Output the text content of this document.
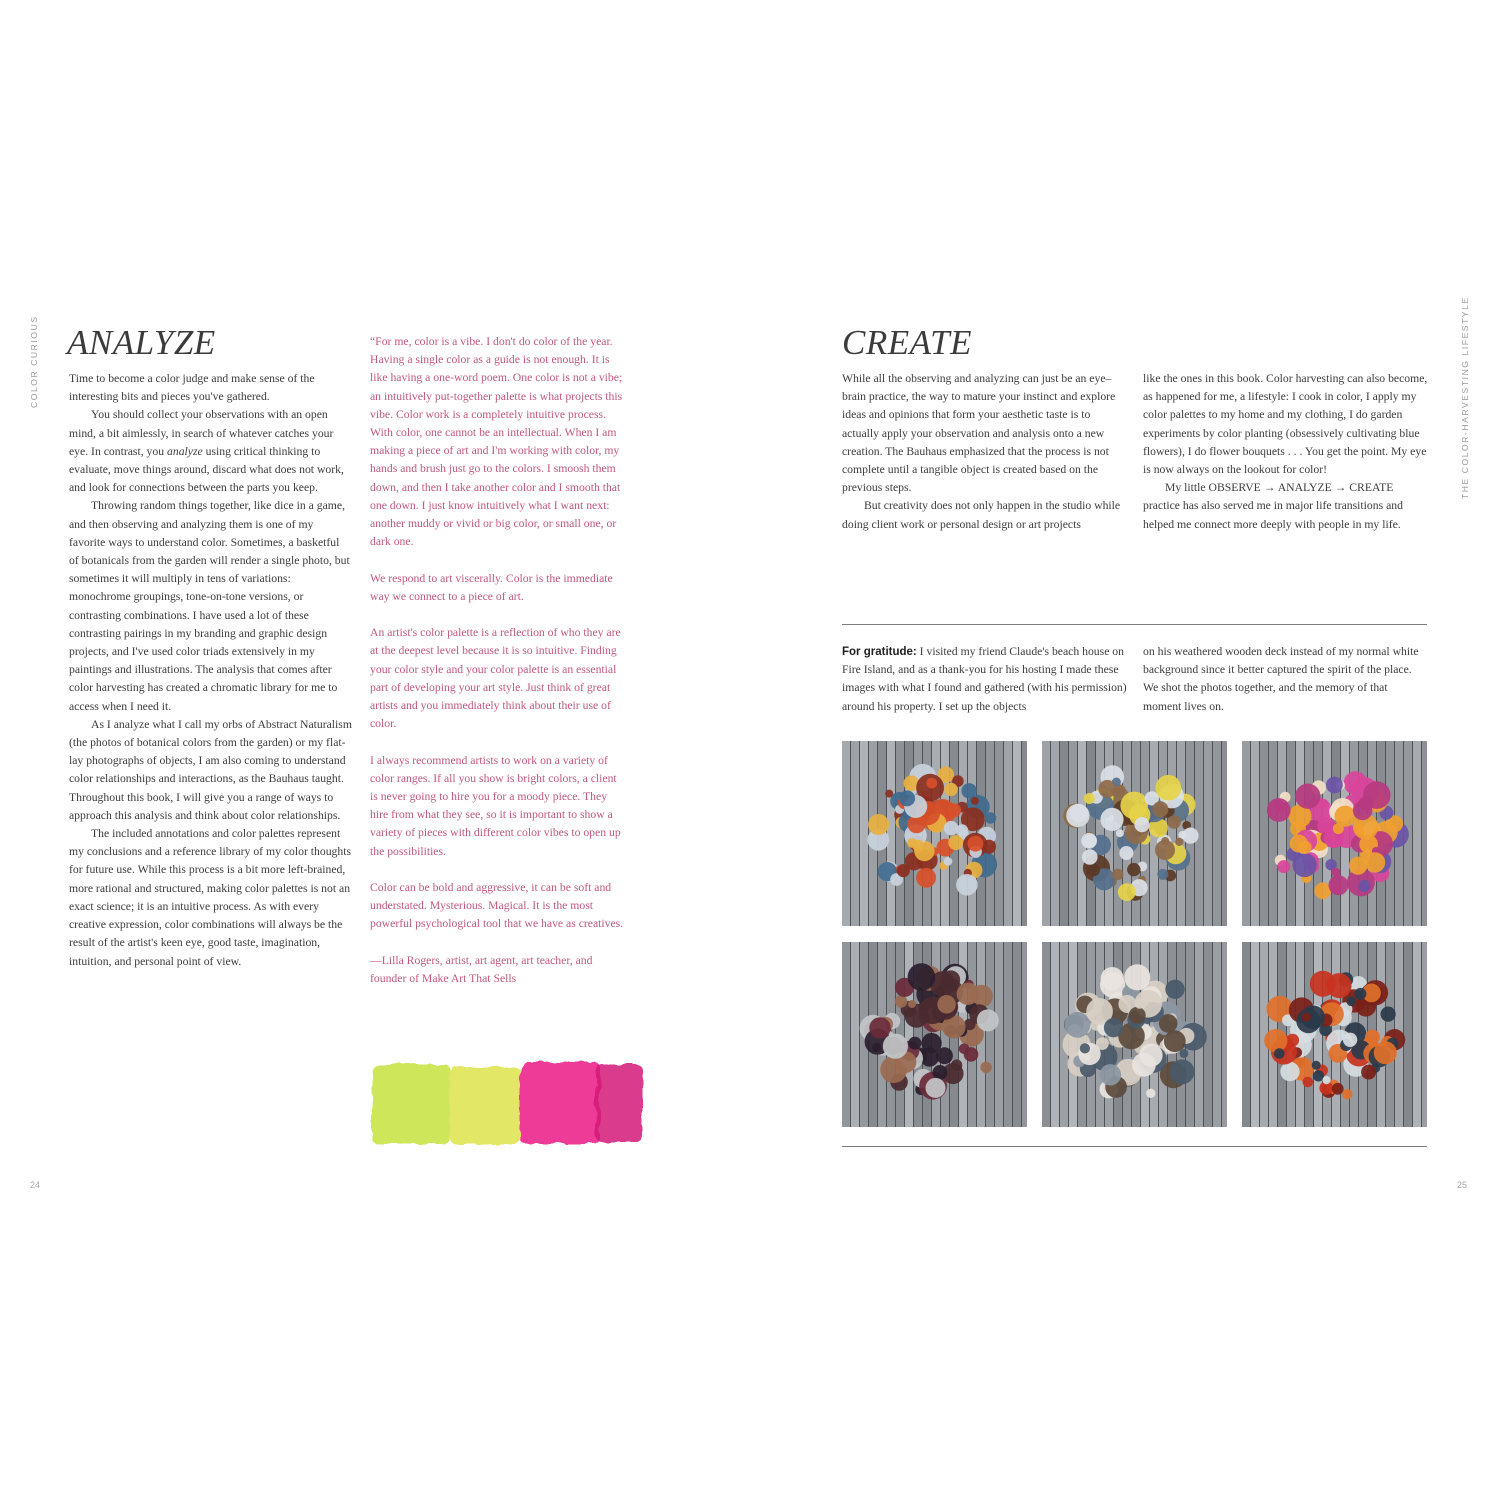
COLOR CURIOUS ANALYZE

Time to become a color judge and make sense of the interesting bits and pieces you've gathered.

You should collect your observations with an open mind, a bit aimlessly, in search of whatever catches your eye. In contrast, you analyze using critical thinking to evaluate, move things around, discard what does not work, and look for connections between the parts you keep.

Throwing random things together, like dice in a game, and then observing and analyzing them is one of my favorite ways to understand color. Sometimes, a basketful of botanicals from the garden will render a single photo, but sometimes it will multiply in tens of variations: monochrome groupings, tone-on-tone versions, or contrasting combinations. I have used a lot of these contrasting pairings in my branding and graphic design projects, and I've used color triads extensively in my paintings and illustrations. The analysis that comes after color harvesting has created a chromatic library for me to access when I need it.

As I analyze what I call my orbs of Abstract Naturalism (the photos of botanical colors from the garden) or my flat-lay photographs of objects, I am also coming to understand color relationships and interactions, as the Bauhaus taught. Throughout this book, I will give you a range of ways to approach this analysis and think about color relationships.

The included annotations and color palettes represent my conclusions and a reference library of my color thoughts for future use. While this process is a bit more left-brained, more rational and structured, making color palettes is not an exact science; it is an intuitive process. As with every creative expression, color combinations will always be the result of the artist's keen eye, good taste, imagination, intuition, and personal point of view.

“For me, color is a vibe. I don't do color of the year. Having a single color as a guide is not enough. It is like having a one-word poem. One color is not a vibe; an intuitively put-together palette is what projects this vibe. Color work is a completely intuitive process. With color, one cannot be an intellectual. When I am making a piece of art and I'm working with color, my hands and brush just go to the colors. I smoosh them down, and then I take another color and I smooth that one down. I just know intuitively what I want next: another muddy or vivid or big color, or small one, or dark one.

We respond to art viscerally. Color is the immediate way we connect to a piece of art.

An artist's color palette is a reflection of who they are at the deepest level because it is so intuitive. Finding your color style and your color palette is an essential part of developing your art style. Just think of great artists and you immediately think about their use of color.

I always recommend artists to work on a variety of color ranges. If all you show is bright colors, a client is never going to hire you for a moody piece. They hire from what they see, so it is important to show a variety of pieces with different color vibes to open up the possibilities.

Color can be bold and aggressive, it can be soft and understated. Mysterious. Magical. It is the most powerful psychological tool that we have as creatives.

—Lilla Rogers, artist, art agent, art teacher, and founder of Make Art That Sells

24
THE COLOR-HARVESTING LIFESTYLE
CREATE

While all the observing and analyzing can just be an eye–brain practice, the way to mature your instinct and explore ideas and opinions that form your aesthetic taste is to actually apply your observation and analysis onto a new creation. The Bauhaus emphasized that the process is not complete until a tangible object is created based on the previous steps.

But creativity does not only happen in the studio while doing client work or personal design or art projects

like the ones in this book. Color harvesting can also become, as happened for me, a lifestyle: I cook in color, I apply my color palettes to my home and my clothing, I do garden experiments by color planting (obsessively cultivating blue flowers), I do flower bouquets . . . You get the point. My eye is now always on the lookout for color!

My little OBSERVE → ANALYZE → CREATE practice has also served me in major life transitions and helped me connect more deeply with people in my life.

For gratitude: I visited my friend Claude's beach house on Fire Island, and as a thank-you for his hosting I made these images with what I found and gathered (with his permission) around his property. I set up the objects

on his weathered wooden deck instead of my normal white background since it better captured the spirit of the place. We shot the photos together, and the memory of that moment lives on.

25
